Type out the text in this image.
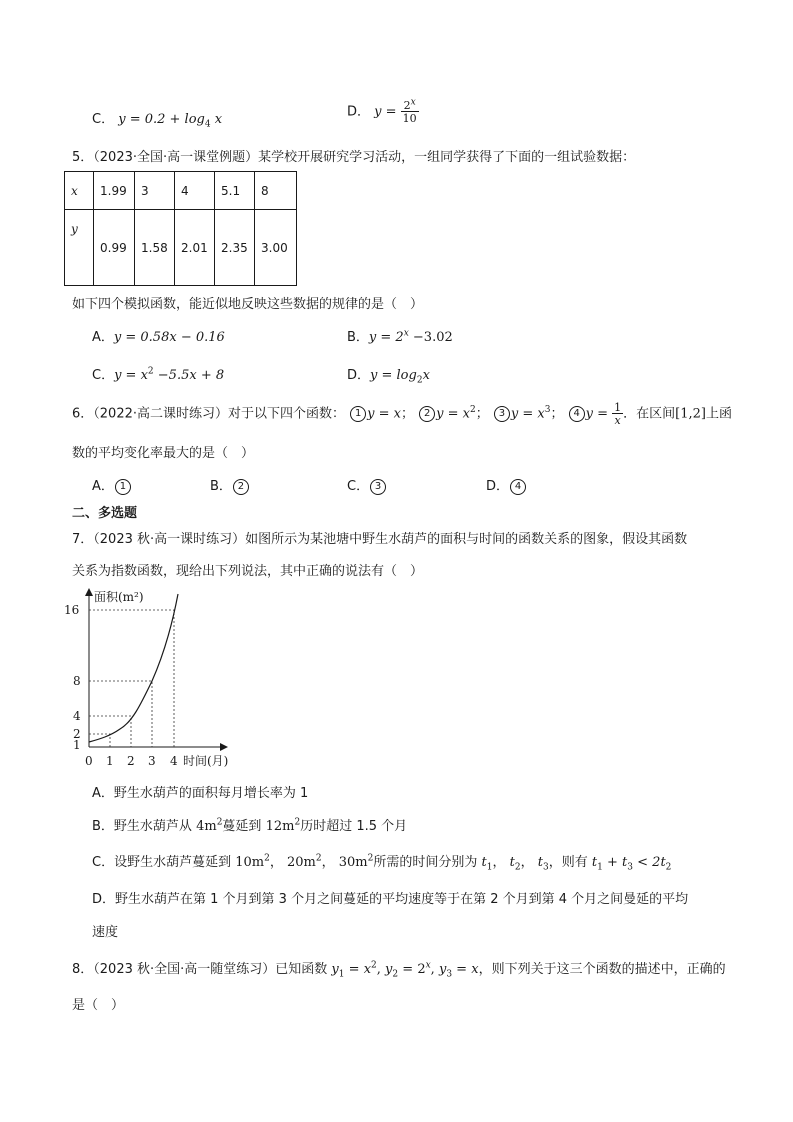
C． $y = 0.2 + \log_4 x$	D． $y = \frac{2^x}{10}$
5．（2023·全国·高一课堂例题）某学校开展研究学习活动，一组同学获得了下面的一组试验数据：
x	1.99	3	4	5.1	8
y	0.99	1.58	2.01	2.35	3.00
如下四个模拟函数，能近似地反映这些数据的规律的是（　）
A．y = 0.58x − 0.16	B．$y = 2^x -3.02$
C．$y = x^2 -5.5x + 8$	D．$y = \log_2x$
6．（2022·高二课时练习）对于以下四个函数： 1 y = x； 2 $y = x^2$； 3 $y = x^3$； 4 $y = \frac{1}{x}$ ．在区间[1,2]上函
数的平均变化率最大的是（　）
A． 1	B． 2	C． 3	D． 4
二、多选题
7．（2023 秋·高一课时练习）如图所示为某池塘中野生水葫芦的面积与时间的函数关系的图象，假设其函数
关系为指数函数，现给出下列说法，其中正确的说法有（　）
面积(m²)
16
8
4
2
1
0 1 2 3 4 时间(月)
A．野生水葫芦的面积每月增长率为 1
B．野生水葫芦从 $4m^2$蔓延到 $12m^2$历时超过 1.5 个月
C．设野生水葫芦蔓延到 $10m^2$， $20m^2$， $30m^2$所需的时间分别为 $t_1$， $t_2$， $t_3$，则有 $t_1 + t_3 < 2t_2$
D．野生水葫芦在第 1 个月到第 3 个月之间蔓延的平均速度等于在第 2 个月到第 4 个月之间曼延的平均
速度
8．（2023 秋·全国·高一随堂练习）已知函数 $y_1 = x^2$, $y_2 = 2^x$, $y_3 = x$，则下列关于这三个函数的描述中，正确的
是（　）
